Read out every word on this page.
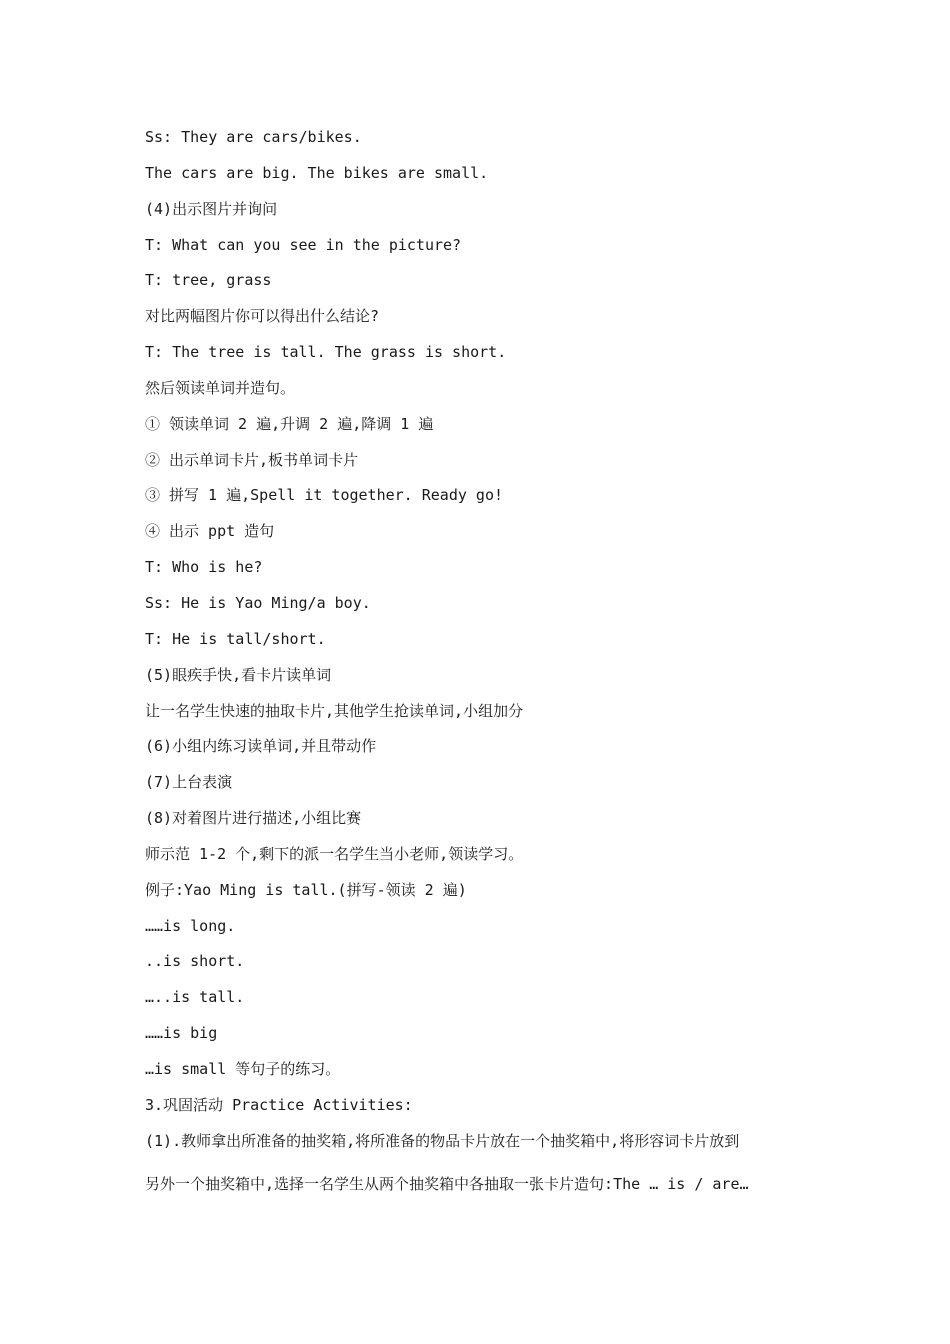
Ss: They are cars/bikes.
The cars are big. The bikes are small.
(4)出示图片并询问
T: What can you see in the picture?
T: tree, grass
对比两幅图片你可以得出什么结论?
T: The tree is tall. The grass is short.
然后领读单词并造句。
① 领读单词 2 遍,升调 2 遍,降调 1 遍
② 出示单词卡片,板书单词卡片
③ 拼写 1 遍,Spell it together. Ready go!
④ 出示 ppt 造句
T: Who is he?
Ss: He is Yao Ming/a boy.
T: He is tall/short.
(5)眼疾手快,看卡片读单词
让一名学生快速的抽取卡片,其他学生抢读单词,小组加分
(6)小组内练习读单词,并且带动作
(7)上台表演
(8)对着图片进行描述,小组比赛
师示范 1-2 个,剩下的派一名学生当小老师,领读学习。
例子:Yao Ming is tall.(拼写-领读 2 遍)
……is long.
..is short.
…..is tall.
……is big
…is small 等句子的练习。
3.巩固活动 Practice Activities:
(1).教师拿出所准备的抽奖箱,将所准备的物品卡片放在一个抽奖箱中,将形容词卡片放到
另外一个抽奖箱中,选择一名学生从两个抽奖箱中各抽取一张卡片造句:The … is / are…
